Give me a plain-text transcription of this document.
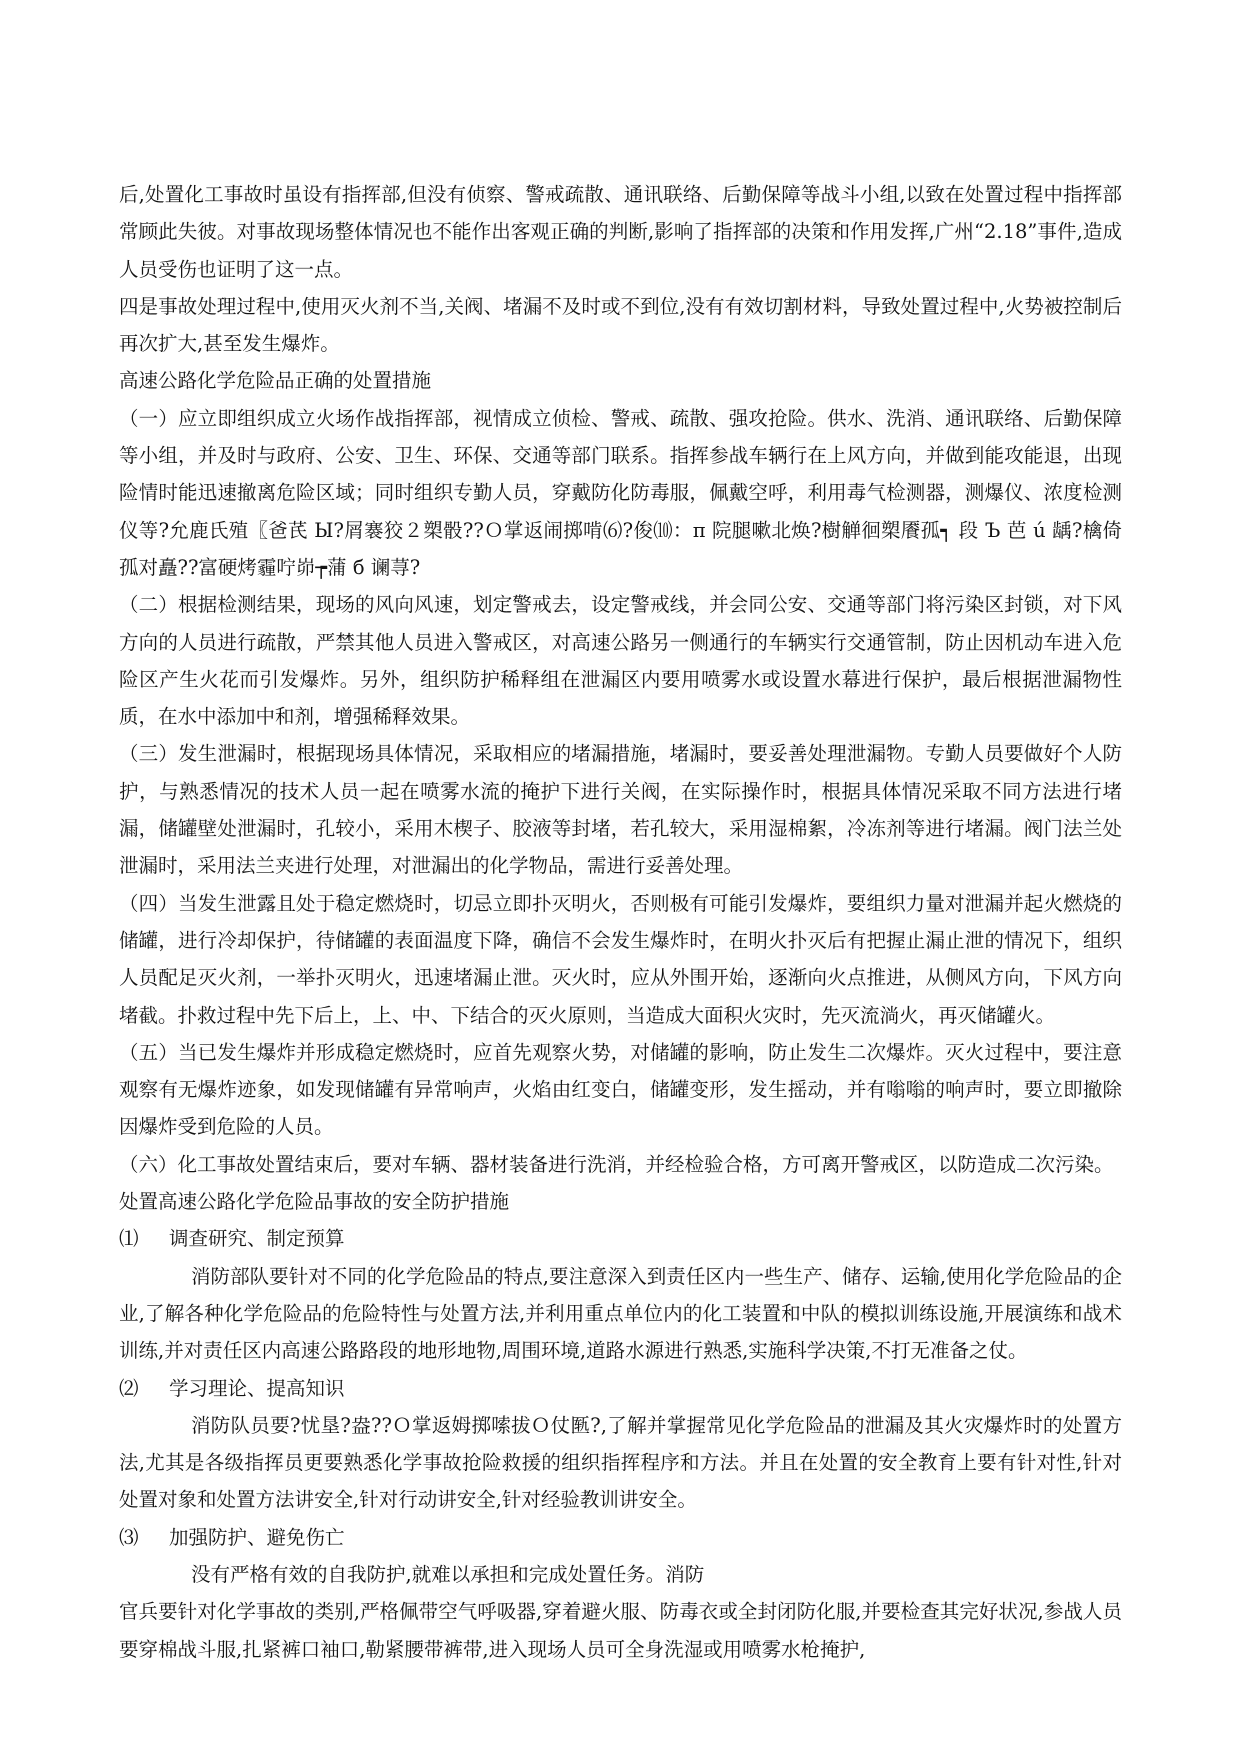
后,处置化工事故时虽设有指挥部,但没有侦察、警戒疏散、通讯联络、后勤保障等战斗小组,以致在处置过程中指挥部常顾此失彼。对事故现场整体情况也不能作出客观正确的判断,影响了指挥部的决策和作用发挥,广州“2.18”事件,造成人员受伤也证明了这一点。

四是事故处理过程中,使用灭火剂不当,关阀、堵漏不及时或不到位,没有有效切割材料，导致处置过程中,火势被控制后再次扩大,甚至发生爆炸。

高速公路化学危险品正确的处置措施

（一）应立即组织成立火场作战指挥部，视情成立侦检、警戒、疏散、强攻抢险。供水、洗消、通讯联络、后勤保障等小组，并及时与政府、公安、卫生、环保、交通等部门联系。指挥参战车辆行在上风方向，并做到能攻能退，出现险情时能迅速撤离危险区域；同时组织专勤人员，穿戴防化防毒服，佩戴空呼，利用毒气检测器，测爆仪、浓度检测仪等?允鹿氏殖〖爸芪 Ы?屑褰狡２槊骰??Ｏ掌返闹掷啃⑹?俊⑽：π 院腿嗽北焕?樹觯徊槊餍孤┑ 段 Ъ 芭 ú 龋?檎倚孤对矗??富硬烤霾咛峁┮蒲 б 谰荨?

（二）根据检测结果，现场的风向风速，划定警戒去，设定警戒线，并会同公安、交通等部门将污染区封锁，对下风方向的人员进行疏散，严禁其他人员进入警戒区，对高速公路另一侧通行的车辆实行交通管制，防止因机动车进入危险区产生火花而引发爆炸。另外，组织防护稀释组在泄漏区内要用喷雾水或设置水幕进行保护，最后根据泄漏物性质，在水中添加中和剂，增强稀释效果。

（三）发生泄漏时，根据现场具体情况，采取相应的堵漏措施，堵漏时，要妥善处理泄漏物。专勤人员要做好个人防护，与熟悉情况的技术人员一起在喷雾水流的掩护下进行关阀，在实际操作时，根据具体情况采取不同方法进行堵漏，储罐壁处泄漏时，孔较小，采用木楔子、胶液等封堵，若孔较大，采用湿棉絮，冷冻剂等进行堵漏。阀门法兰处泄漏时，采用法兰夹进行处理，对泄漏出的化学物品，需进行妥善处理。

（四）当发生泄露且处于稳定燃烧时，切忌立即扑灭明火，否则极有可能引发爆炸，要组织力量对泄漏并起火燃烧的储罐，进行冷却保护，待储罐的表面温度下降，确信不会发生爆炸时，在明火扑灭后有把握止漏止泄的情况下，组织人员配足灭火剂，一举扑灭明火，迅速堵漏止泄。灭火时，应从外围开始，逐渐向火点推进，从侧风方向，下风方向堵截。扑救过程中先下后上，上、中、下结合的灭火原则，当造成大面积火灾时，先灭流淌火，再灭储罐火。

（五）当已发生爆炸并形成稳定燃烧时，应首先观察火势，对储罐的影响，防止发生二次爆炸。灭火过程中，要注意观察有无爆炸迹象，如发现储罐有异常响声，火焰由红变白，储罐变形，发生摇动，并有嗡嗡的响声时，要立即撤除因爆炸受到危险的人员。

（六）化工事故处置结束后，要对车辆、器材装备进行洗消，并经检验合格，方可离开警戒区，以防造成二次污染。

处置高速公路化学危险品事故的安全防护措施

⑴ 调查研究、制定预算

消防部队要针对不同的化学危险品的特点,要注意深入到责任区内一些生产、储存、运输,使用化学危险品的企业,了解各种化学危险品的危险特性与处置方法,并利用重点单位内的化工装置和中队的模拟训练设施,开展演练和战术训练,并对责任区内高速公路路段的地形地物,周围环境,道路水源进行熟悉,实施科学决策,不打无准备之仗。

⑵ 学习理论、提高知识

消防队员要?忧垦?盎??Ｏ掌返姆掷嗦拔Ｏ仗匦?,了解并掌握常见化学危险品的泄漏及其火灾爆炸时的处置方法,尤其是各级指挥员更要熟悉化学事故抢险救援的组织指挥程序和方法。并且在处置的安全教育上要有针对性,针对处置对象和处置方法讲安全,针对行动讲安全,针对经验教训讲安全。

⑶ 加强防护、避免伤亡

没有严格有效的自我防护,就难以承担和完成处置任务。消防

官兵要针对化学事故的类别,严格佩带空气呼吸器,穿着避火服、防毒衣或全封闭防化服,并要检查其完好状况,参战人员要穿棉战斗服,扎紧裤口袖口,勒紧腰带裤带,进入现场人员可全身洗湿或用喷雾水枪掩护,
